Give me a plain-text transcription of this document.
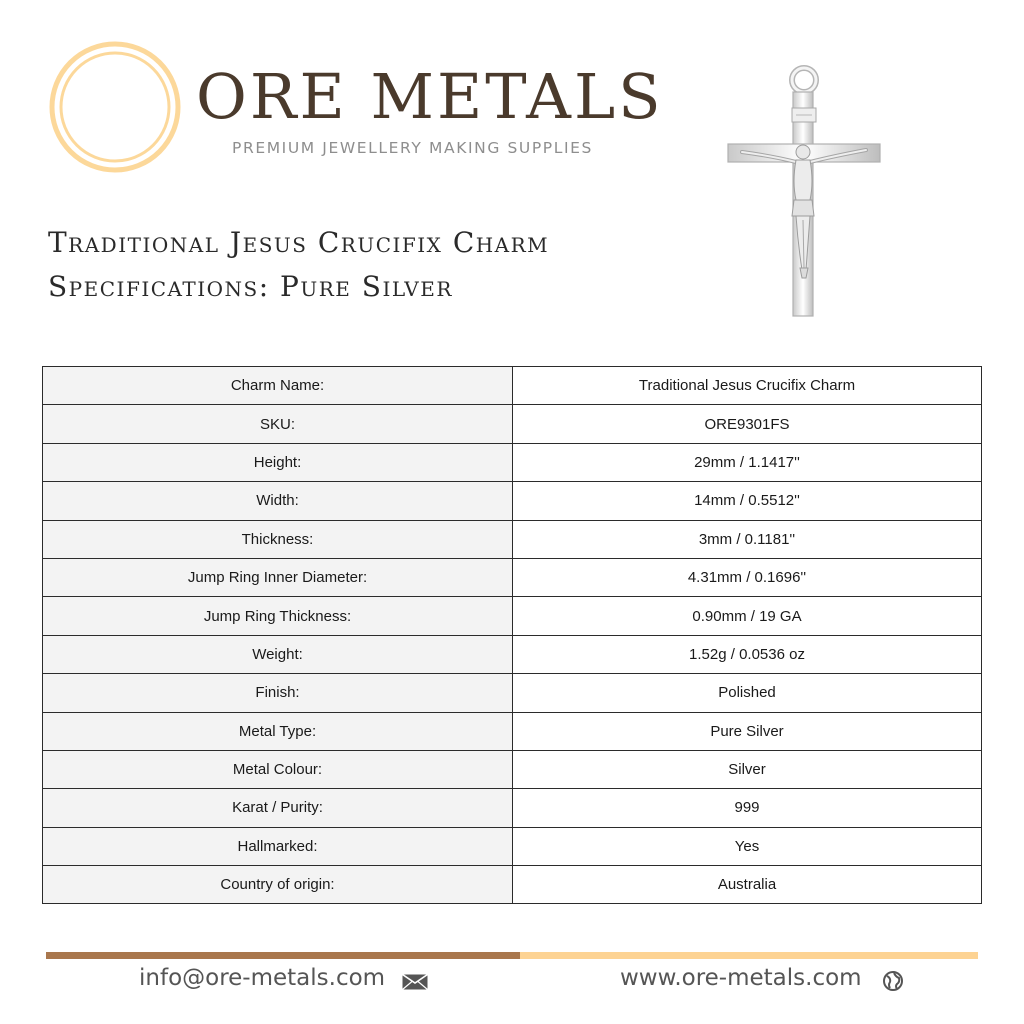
ORE METALS
PREMIUM JEWELLERY MAKING SUPPLIES
Traditional Jesus Crucifix Charm
Specifications: Pure Silver
Charm Name:	Traditional Jesus Crucifix Charm
SKU:	ORE9301FS
Height:	29mm / 1.1417''
Width:	14mm / 0.5512''
Thickness:	3mm / 0.1181''
Jump Ring Inner Diameter:	4.31mm / 0.1696''
Jump Ring Thickness:	0.90mm / 19 GA
Weight:	1.52g / 0.0536 oz
Finish:	Polished
Metal Type:	Pure Silver
Metal Colour:	Silver
Karat / Purity:	999
Hallmarked:	Yes
Country of origin:	Australia
info@ore-metals.com	www.ore-metals.com
